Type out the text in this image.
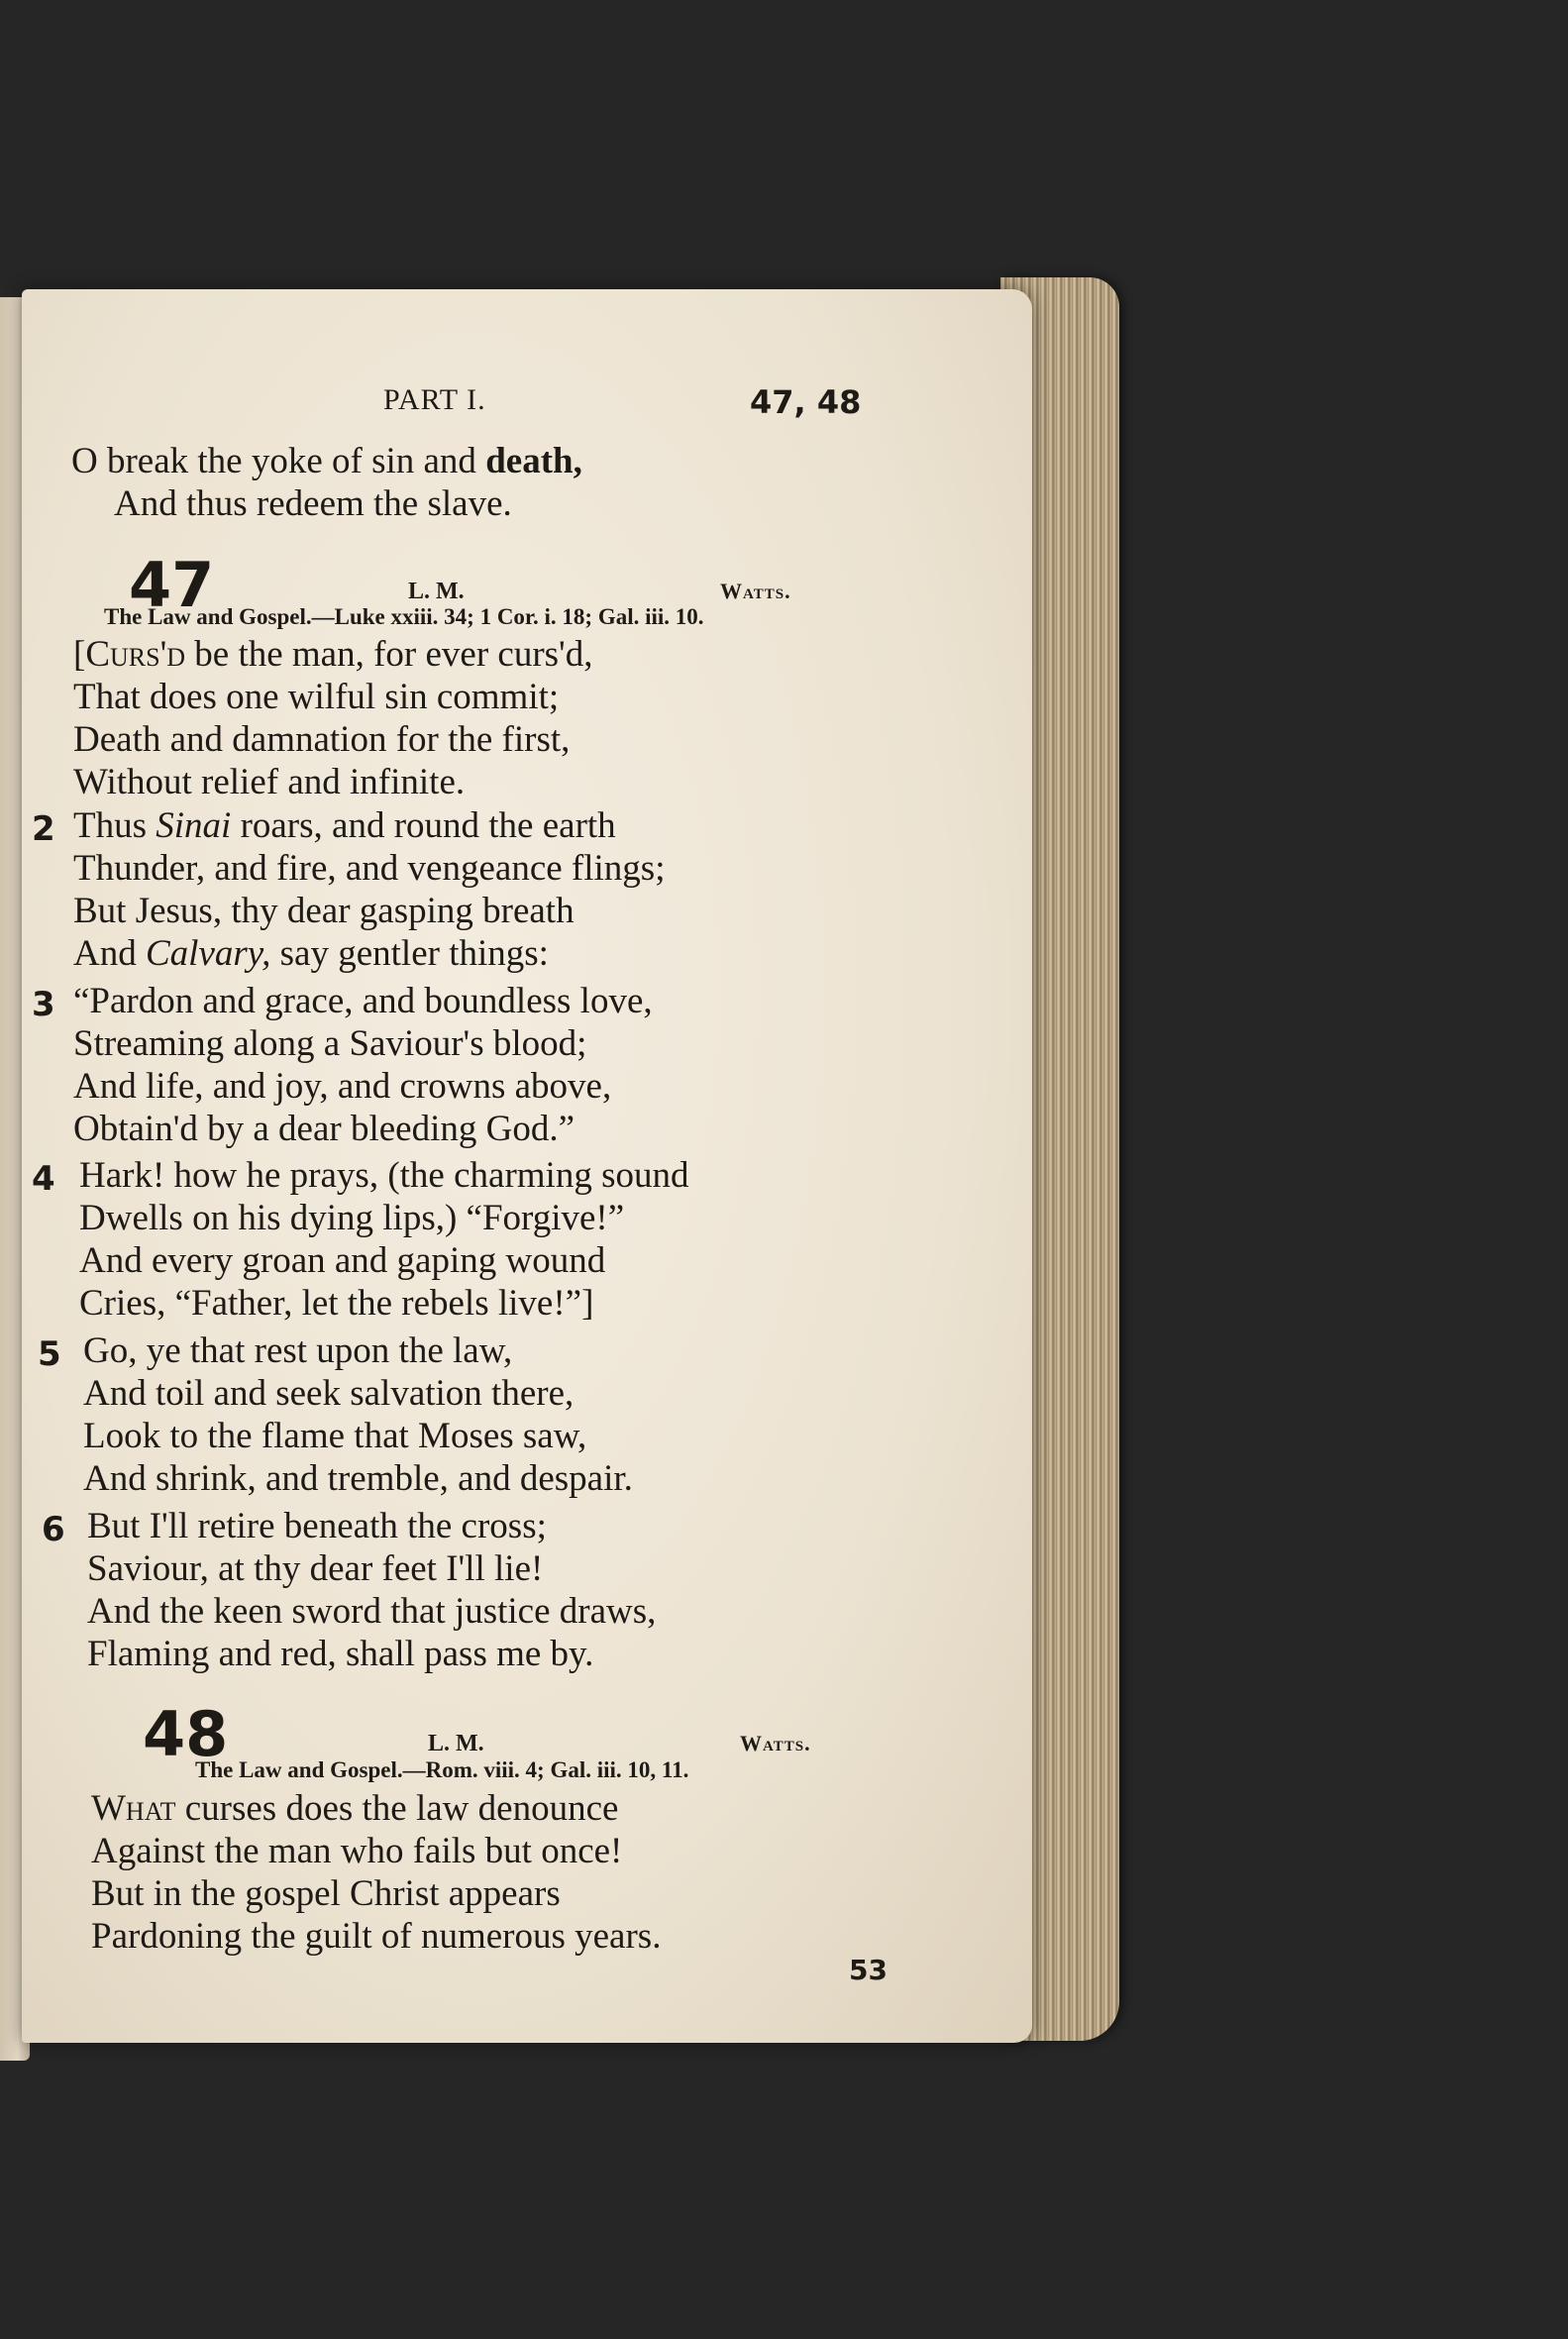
PART I.	47, 48
O break the yoke of sin and death,
And thus redeem the slave.
47	L. M.	Watts.
The Law and Gospel.—Luke xxiii. 34; 1 Cor. i. 18; Gal. iii. 10.
[Curs'd be the man, for ever curs'd,
That does one wilful sin commit;
Death and damnation for the first,
Without relief and infinite.
2 Thus Sinai roars, and round the earth
Thunder, and fire, and vengeance flings;
But Jesus, thy dear gasping breath
And Calvary, say gentler things:
3 “Pardon and grace, and boundless love,
Streaming along a Saviour's blood;
And life, and joy, and crowns above,
Obtain'd by a dear bleeding God.”
4 Hark! how he prays, (the charming sound
Dwells on his dying lips,) “Forgive!”
And every groan and gaping wound
Cries, “Father, let the rebels live!”]
5 Go, ye that rest upon the law,
And toil and seek salvation there,
Look to the flame that Moses saw,
And shrink, and tremble, and despair.
6 But I'll retire beneath the cross;
Saviour, at thy dear feet I'll lie!
And the keen sword that justice draws,
Flaming and red, shall pass me by.
48	L. M.	Watts.
The Law and Gospel.—Rom. viii. 4; Gal. iii. 10, 11.
What curses does the law denounce
Against the man who fails but once!
But in the gospel Christ appears
Pardoning the guilt of numerous years.
53
